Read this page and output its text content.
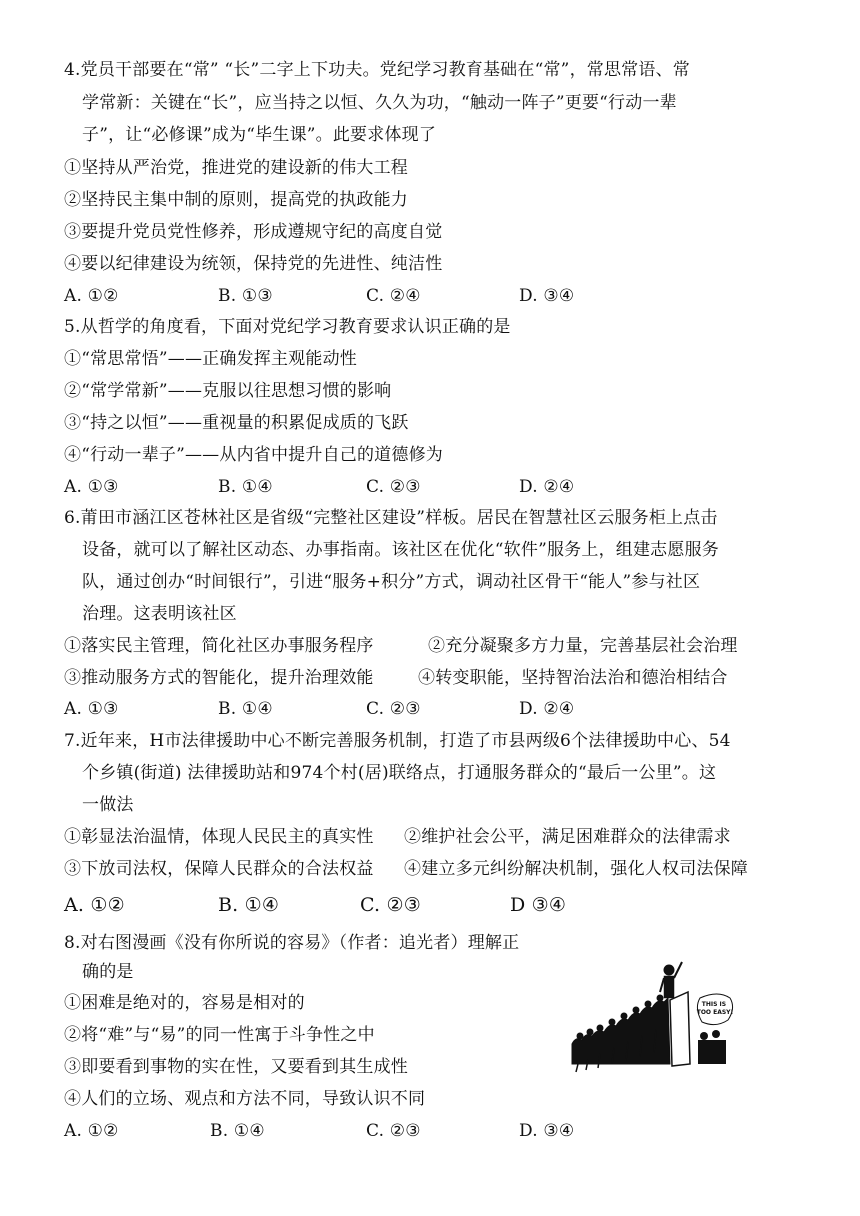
4.党员干部要在“常” “长”二字上下功夫。党纪学习教育基础在“常”，常思常语、常
学常新：关键在“长”，应当持之以恒、久久为功，“触动一阵子”更要“行动一辈
子”，让“必修课”成为“毕生课”。此要求体现了
①坚持从严治党，推进党的建设新的伟大工程
②坚持民主集中制的原则，提高党的执政能力
③要提升党员党性修养，形成遵规守纪的高度自觉
④要以纪律建设为统领，保持党的先进性、纯洁性
A. ①②	B. ①③	C. ②④	D. ③④
5.从哲学的角度看，下面对党纪学习教育要求认识正确的是
①“常思常悟”——正确发挥主观能动性
②“常学常新”——克服以往思想习惯的影响
③“持之以恒”——重视量的积累促成质的飞跃
④“行动一辈子”——从内省中提升自己的道德修为
A. ①③	B. ①④	C. ②③	D. ②④
6.莆田市涵江区苍林社区是省级“完整社区建设”样板。居民在智慧社区云服务柜上点击
设备，就可以了解社区动态、办事指南。该社区在优化“软件”服务上，组建志愿服务
队，通过创办“时间银行”，引进“服务+积分”方式，调动社区骨干“能人”参与社区
治理。这表明该社区
①落实民主管理，简化社区办事服务程序	②充分凝聚多方力量，完善基层社会治理
③推动服务方式的智能化，提升治理效能	④转变职能，坚持智治法治和德治相结合
A. ①③	B. ①④	C. ②③	D. ②④
7.近年来，H市法律援助中心不断完善服务机制，打造了市县两级6个法律援助中心、54
个乡镇(街道) 法律援助站和974个村(居)联络点，打通服务群众的“最后一公里”。这
一做法
①彰显法治温情，体现人民民主的真实性 ②维护社会公平，满足困难群众的法律需求
③下放司法权，保障人民群众的合法权益 ④建立多元纠纷解决机制，强化人权司法保障
A. ①②	B. ①④	C. ②③	D ③④
8.对右图漫画《没有你所说的容易》（作者：追光者）理解正
确的是
①困难是绝对的，容易是相对的
②将“难”与“易”的同一性寓于斗争性之中
③即要看到事物的实在性，又要看到其生成性
④人们的立场、观点和方法不同，导致认识不同
A. ①②	B. ①④	C. ②③	D. ③④
THIS IS TOO EASY!
